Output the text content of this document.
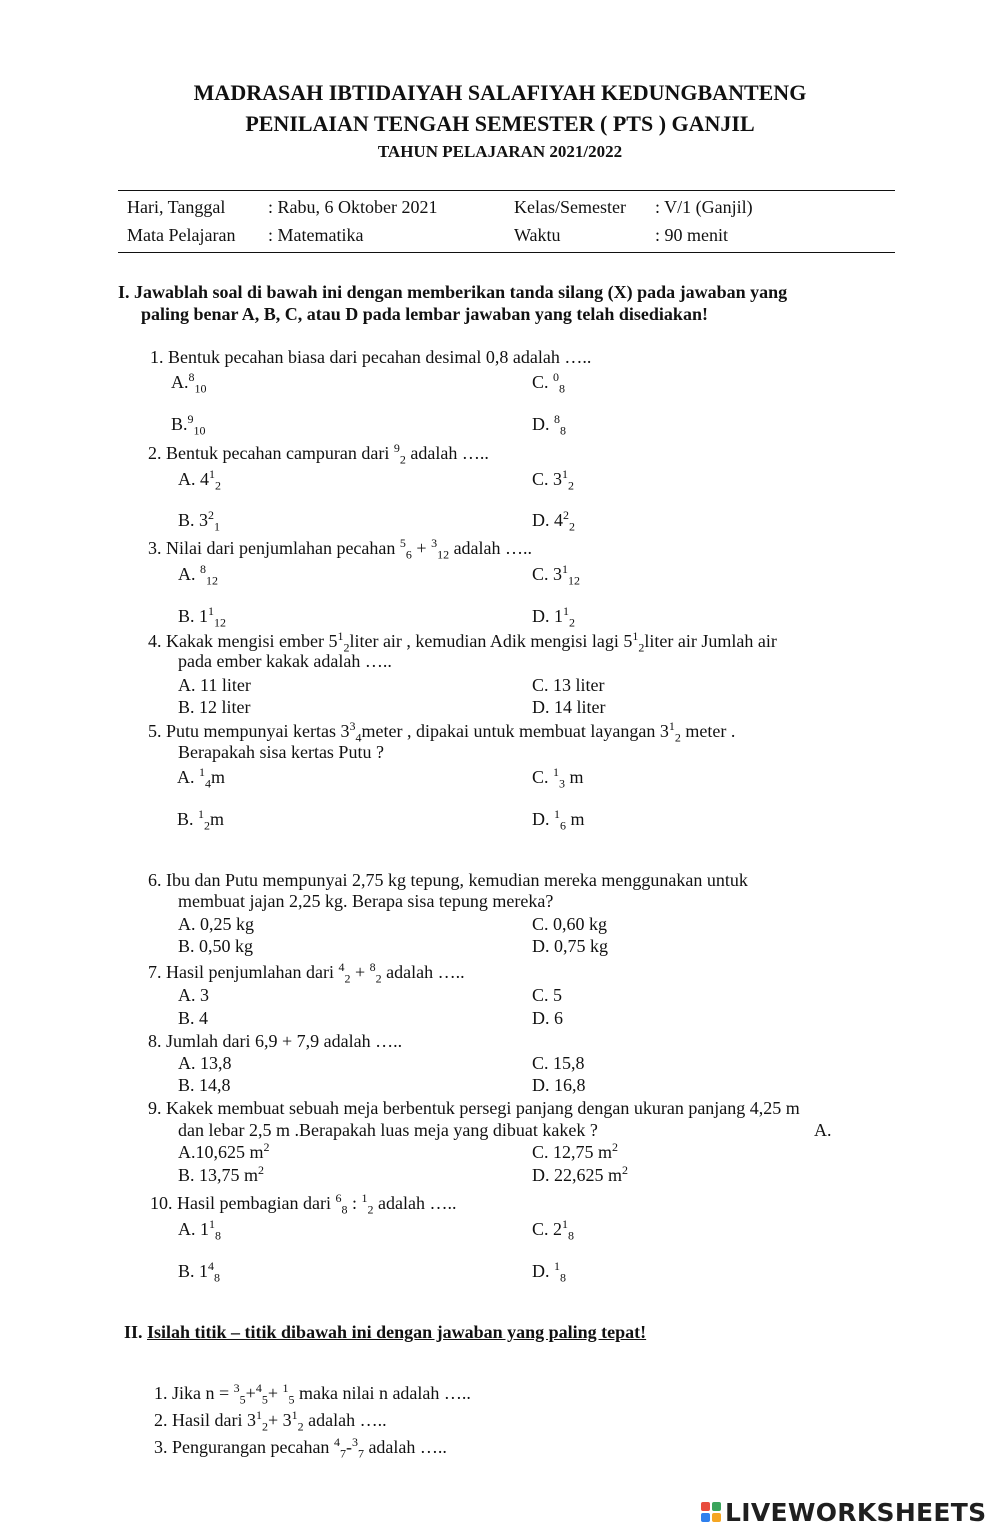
MADRASAH IBTIDAIYAH SALAFIYAH KEDUNGBANTENG
PENILAIAN TENGAH SEMESTER ( PTS ) GANJIL
TAHUN PELAJARAN 2021/2022
Hari, Tanggal : Rabu, 6 Oktober 2021	Kelas/Semester : V/1 (Ganjil)
Mata Pelajaran : Matematika	Waktu	: 90 menit
I. Jawablah soal di bawah ini dengan memberikan tanda silang (X) pada jawaban yang
paling benar A, B, C, atau D pada lembar jawaban yang telah disediakan!
1. Bentuk pecahan biasa dari pecahan desimal 0,8 adalah …..
A.$^8_{10}$	C. $^0_8$
B.$^9_{10}$	D. $^8_8$
2. Bentuk pecahan campuran dari $^9_2$ adalah …..
A. $4^1_2$	C. $3^1_2$
B. $3^2_1$	D. $4^2_2$
3. Nilai dari penjumlahan pecahan $^5_6$ + $^3_{12}$ adalah …..
A. $^8_{12}$	C. $3^1_{12}$
B. $1^1_{12}$	D. $1^1_2$
4. Kakak mengisi ember $5^1_2liter$ air , kemudian Adik mengisi lagi $5^1_2liter$ air Jumlah air
pada ember kakak adalah …..
A. 11 liter	C. 13 liter
B. 12 liter	D. 14 liter
5. Putu mempunyai kertas $3^3_4meter$ , dipakai untuk membuat layangan $3^1_2$ meter .
Berapakah sisa kertas Putu ?
A. $^1_4$m	C. $^1_3$ m
B. $^1_2$m	D. $^1_6$ m
6. Ibu dan Putu mempunyai 2,75 kg tepung, kemudian mereka menggunakan untuk
membuat jajan 2,25 kg. Berapa sisa tepung mereka?
A. 0,25 kg	C. 0,60 kg
B. 0,50 kg	D. 0,75 kg
7. Hasil penjumlahan dari $^4_2$ + $^8_2$ adalah …..
A. 3	C. 5
B. 4	D. 6
8. Jumlah dari 6,9 + 7,9 adalah …..
A. 13,8	C. 15,8
B. 14,8	D. 16,8
9. Kakek membuat sebuah meja berbentuk persegi panjang dengan ukuran panjang 4,25 m
dan lebar 2,5 m .Berapakah luas meja yang dibuat kakek ?	A.
A.10,625 $m^2$	C. 12,75 $m^2$
B. 13,75 $m^2$	D. 22,625 $m^2$
10. Hasil pembagian dari $^6_8$ : $^1_2$ adalah …..
A. $1^1_8$	C. $2^1_8$
B. $1^4_8$	D. $^1_8$
II. Isilah titik – titik dibawah ini dengan jawaban yang paling tepat!
1. Jika n = $^3_5$+$^4_5$+ $^1_5$ maka nilai n adalah …..
2. Hasil dari $3^1_2+ 3^1_2$ adalah …..
3. Pengurangan pecahan $^4_7$-$^3_7$ adalah …..
LIVEWORKSHEETS
